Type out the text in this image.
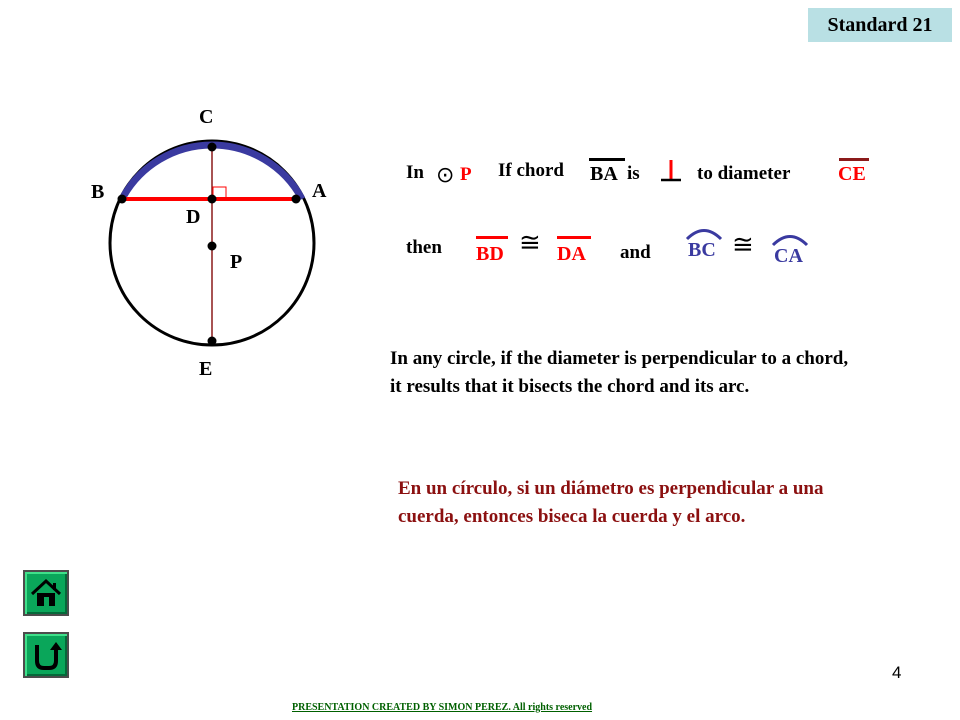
Standard 21
C
B	A
D
P
E
In ⊙ P If chord BA is	to diameter CE
then BD ≅ DA and BC ≅ CA
In any circle, if the diameter is perpendicular to a chord, it results that it bisects the chord and its arc.
En un círculo, si un diámetro es perpendicular a una cuerda, entonces biseca la cuerda y el arco.
4
PRESENTATION CREATED BY SIMON PEREZ. All rights reserved
